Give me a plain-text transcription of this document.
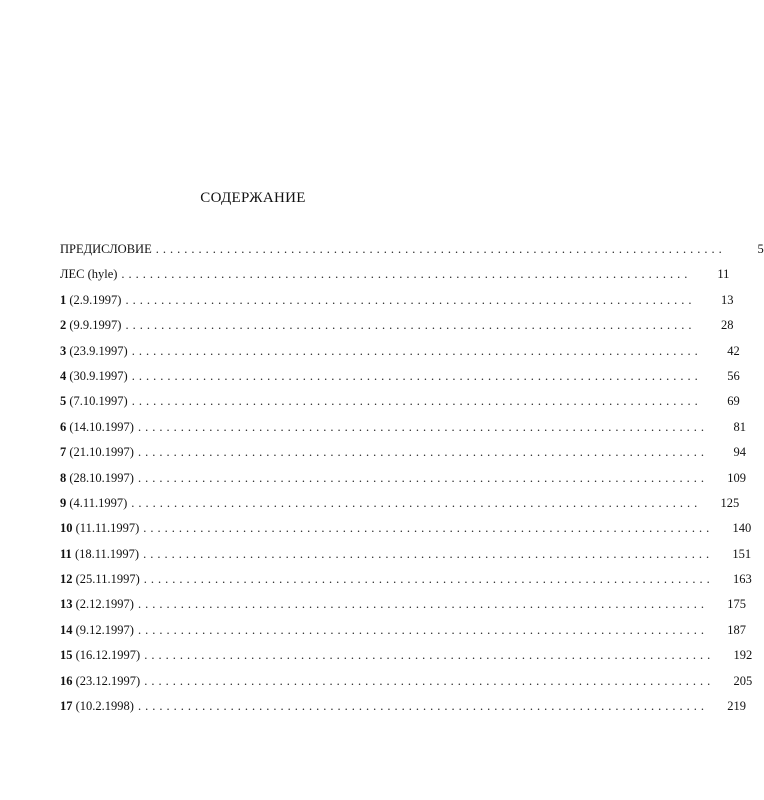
СОДЕРЖАНИЕ
ПРЕДИСЛОВИЕ ................................................................................	5
ЛЕС (hyle) ................................................................................	11
1 (2.9.1997) ................................................................................	13
2 (9.9.1997) ................................................................................	28
3 (23.9.1997) ................................................................................	42
4 (30.9.1997) ................................................................................	56
5 (7.10.1997) ................................................................................	69
6 (14.10.1997) ................................................................................	81
7 (21.10.1997) ................................................................................	94
8 (28.10.1997) ................................................................................	109
9 (4.11.1997) ................................................................................	125
10 (11.11.1997) ................................................................................	140
11 (18.11.1997) ................................................................................	151
12 (25.11.1997) ................................................................................	163
13 (2.12.1997) ................................................................................	175
14 (9.12.1997) ................................................................................	187
15 (16.12.1997) ................................................................................	192
16 (23.12.1997) ................................................................................	205
17 (10.2.1998) ................................................................................	219
